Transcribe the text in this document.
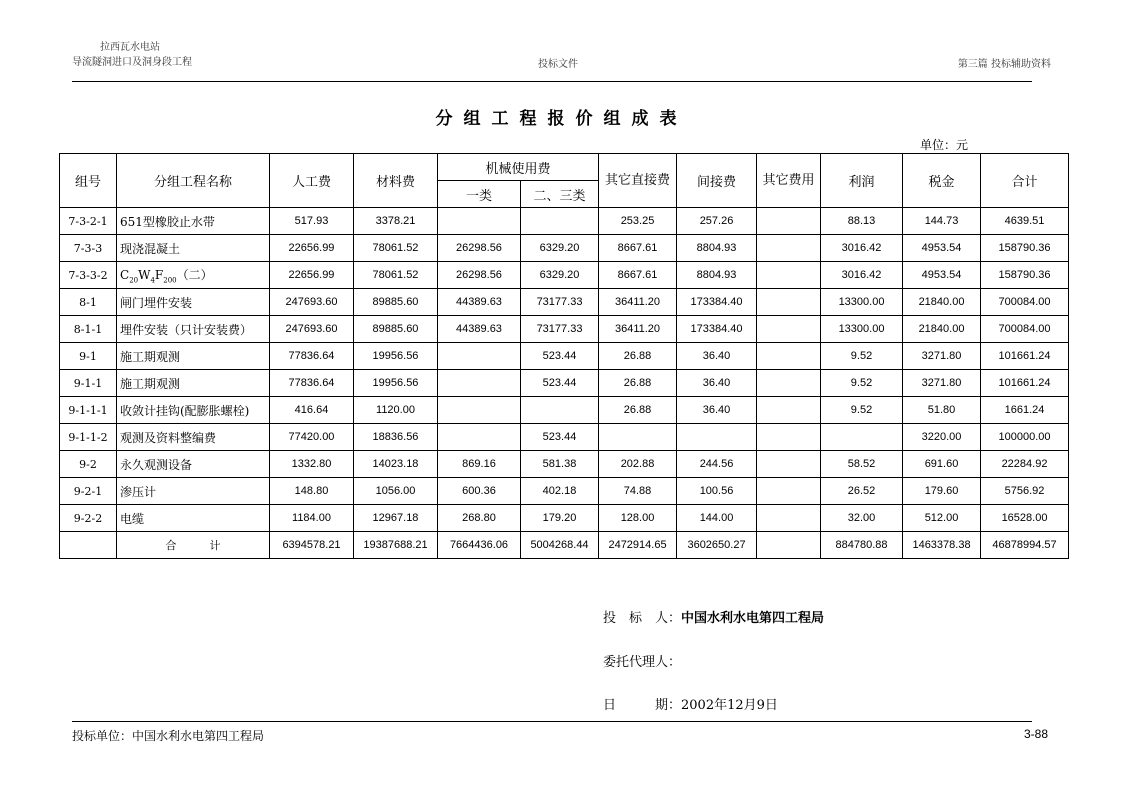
拉西瓦水电站
导流隧洞进口及洞身段工程	投标文件	第三篇 投标辅助资料
分组工程报价组成表
单位：元
组号	分组工程名称	人工费	材料费	机械使用费		其它直接费	间接费	其它费用	利润	税金	合计
				一类	二、三类						
7-3-2-1	651型橡胶止水带	517.93	3378.21			253.25	257.26		88.13	144.73	4639.51
7-3-3	现浇混凝土	22656.99	78061.52	26298.56	6329.20	8667.61	8804.93		3016.42	4953.54	158790.36
7-3-3-2	$C_{20}W_4F_{200}$（二）	22656.99	78061.52	26298.56	6329.20	8667.61	8804.93		3016.42	4953.54	158790.36
8-1	闸门埋件安装	247693.60	89885.60	44389.63	73177.33	36411.20	173384.40		13300.00	21840.00	700084.00
8-1-1	埋件安装（只计安装费）	247693.60	89885.60	44389.63	73177.33	36411.20	173384.40		13300.00	21840.00	700084.00
9-1	施工期观测	77836.64	19956.56		523.44	26.88	36.40		9.52	3271.80	101661.24
9-1-1	施工期观测	77836.64	19956.56		523.44	26.88	36.40		9.52	3271.80	101661.24
9-1-1-1	收敛计挂钩(配膨胀螺栓)	416.64	1120.00			26.88	36.40		9.52	51.80	1661.24
9-1-1-2	观测及资料整编费	77420.00	18836.56		523.44					3220.00	100000.00
9-2	永久观测设备	1332.80	14023.18	869.16	581.38	202.88	244.56		58.52	691.60	22284.92
9-2-1	渗压计	148.80	1056.00	600.36	402.18	74.88	100.56		26.52	179.60	5756.92
9-2-2	电缆	1184.00	12967.18	268.80	179.20	128.00	144.00		32.00	512.00	16528.00
	合　　　计	6394578.21	19387688.21	7664436.06	5004268.44	2472914.65	3602650.27		884780.88	1463378.38	46878994.57
投　标　人：中国水利水电第四工程局
委托代理人：
日　　　期：2002年12月9日
投标单位：中国水利水电第四工程局	3-88
